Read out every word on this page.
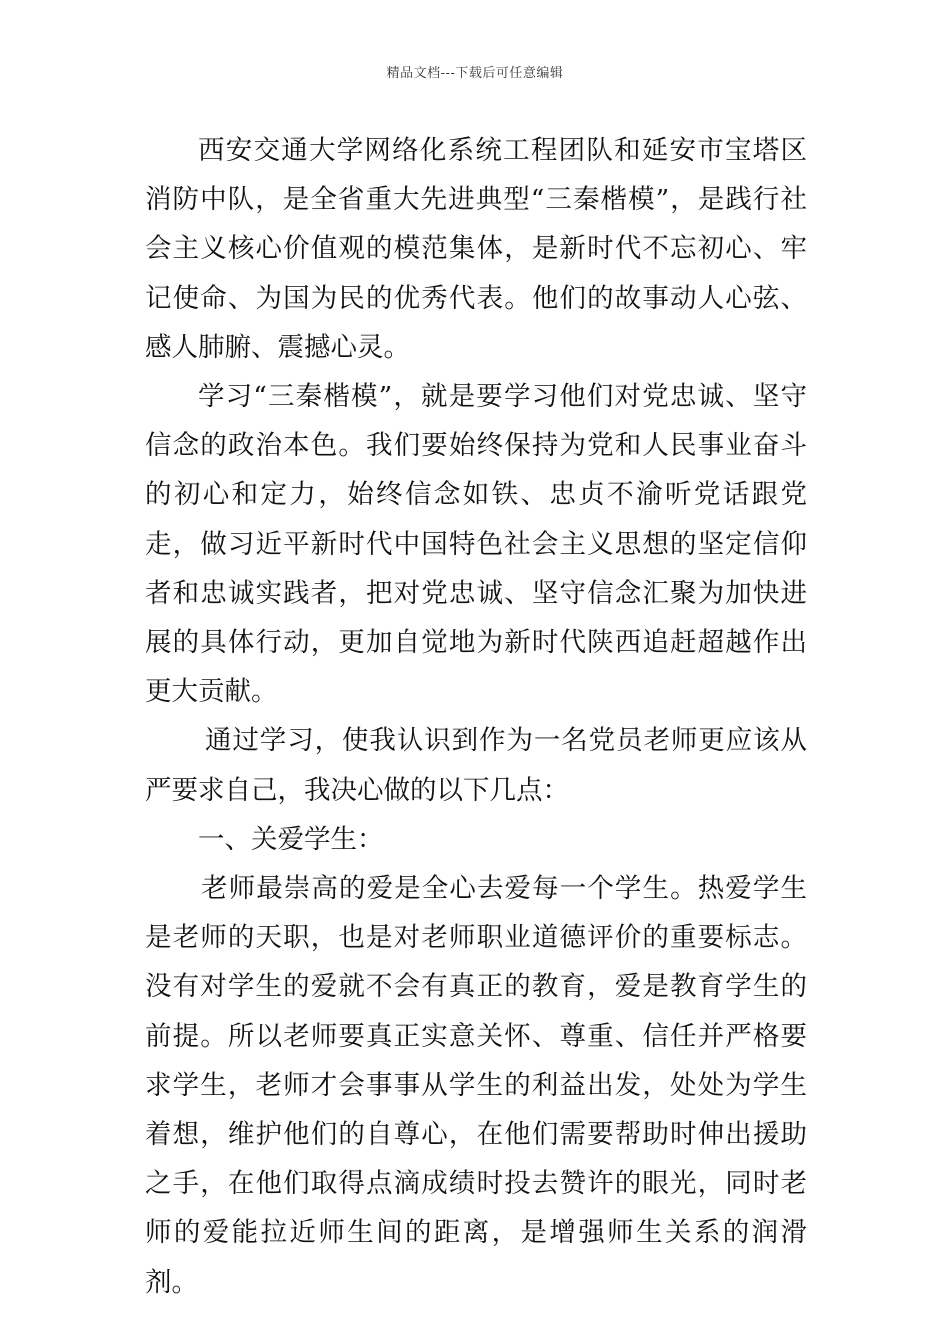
精品文档---下载后可任意编辑

西安交通大学网络化系统工程团队和延安市宝塔区消防中队，是全省重大先进典型“三秦楷模”，是践行社会主义核心价值观的模范集体，是新时代不忘初心、牢记使命、为国为民的优秀代表。他们的故事动人心弦、感人肺腑、震撼心灵。

学习“三秦楷模”，就是要学习他们对党忠诚、坚守信念的政治本色。我们要始终保持为党和人民事业奋斗的初心和定力，始终信念如铁、忠贞不渝听党话跟党走，做习近平新时代中国特色社会主义思想的坚定信仰者和忠诚实践者，把对党忠诚、坚守信念汇聚为加快进展的具体行动，更加自觉地为新时代陕西追赶超越作出更大贡献。

通过学习，使我认识到作为一名党员老师更应该从严要求自己，我决心做的以下几点：

一、关爱学生：

老师最崇高的爱是全心去爱每一个学生。热爱学生是老师的天职，也是对老师职业道德评价的重要标志。没有对学生的爱就不会有真正的教育，爱是教育学生的前提。所以老师要真正实意关怀、尊重、信任并严格要求学生，老师才会事事从学生的利益出发，处处为学生着想，维护他们的自尊心，在他们需要帮助时伸出援助之手，在他们取得点滴成绩时投去赞许的眼光，同时老师的爱能拉近师生间的距离，是增强师生关系的润滑剂。
